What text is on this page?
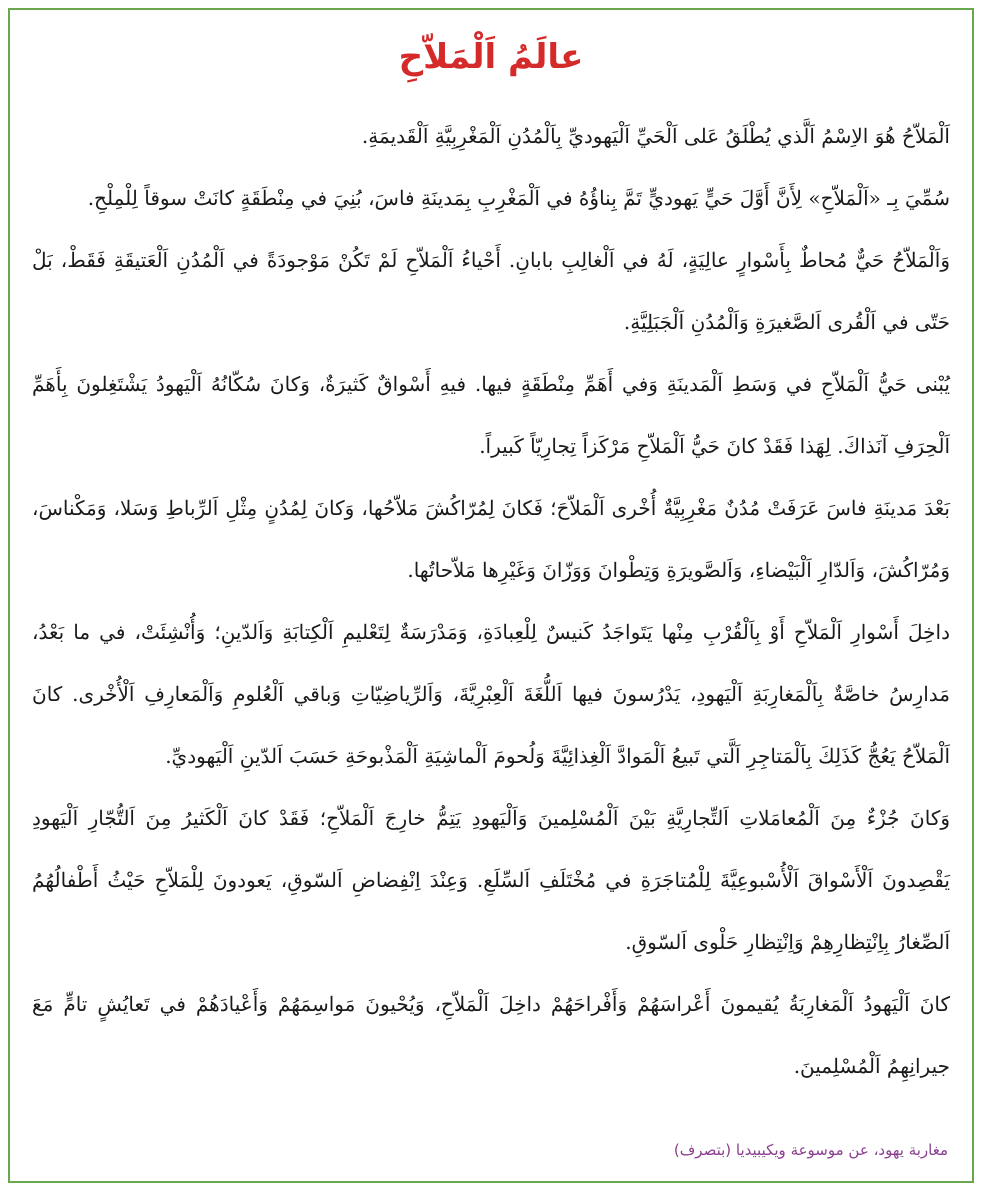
عالَمُ اَلْمَلاّحِ

اَلْمَلاّحُ هُوَ الاِسْمُ اَلَّذي يُطْلَقُ عَلى اَلْحَيِّ اَلْيَهوديِّ بِاَلْمُدُنِ اَلْمَغْرِبِيَّةِ اَلْقَديمَةِ.

سُمِّيَ بِـ «اَلْمَلاّحِ» لِأَنَّ أَوَّلَ حَيٍّ يَهوديٍّ تَمَّ بِناؤُهُ في اَلْمَغْرِبِ بِمَدينَةِ فاسَ، بُنِيَ في مِنْطَقَةٍ كانَتْ سوقاً لِلْمِلْحِ.

وَاَلْمَلاّحُ حَيٌّ مُحاطٌ بِأَسْوارٍ عالِيَةٍ، لَهُ في اَلْغالِبِ بابانِ. أَحْياءُ اَلْمَلاّحِ لَمْ تَكُنْ مَوْجودَةً في اَلْمُدُنِ اَلْعَتيقَةِ فَقَطْ، بَلْ حَتّى في اَلْقُرى اَلصَّغيرَةِ وَاَلْمُدُنِ اَلْجَبَلِيَّةِ.

يُبْنى حَيُّ اَلْمَلاّحِ في وَسَطِ اَلْمَدينَةِ وَفي أَهَمِّ مِنْطَقَةٍ فيها. فيهِ أَسْواقٌ كَثيرَةٌ، وَكانَ سُكّانُهُ اَلْيَهودُ يَشْتَغِلونَ بِأَهَمِّ اَلْحِرَفِ آنَذاكَ. لِهَذا فَقَدْ كانَ حَيُّ اَلْمَلاّحِ مَرْكَزاً تِجارِيّاً كَبيراً.

بَعْدَ مَدينَةِ فاسَ عَرَفَتْ مُدُنٌ مَغْرِبِيَّةٌ أُخْرى اَلْمَلاّحَ؛ فَكانَ لِمُرّاكُشَ مَلاّحُها، وَكانَ لِمُدُنٍ مِثْلِ اَلرِّباطِ وَسَلا، وَمَكْناسَ، وَمُرّاكُشَ، وَاَلدّارِ اَلْبَيْضاءِ، وَاَلصَّويرَةِ وَتِطْوانَ وَوَزّانَ وَغَيْرِها مَلاّحاتُها.

داخِلَ أَسْوارِ اَلْمَلاّحِ أَوْ بِاَلْقُرْبِ مِنْها يَتَواجَدُ كَنيسٌ لِلْعِبادَةِ، وَمَدْرَسَةٌ لِتَعْليمِ اَلْكِتابَةِ وَاَلدّينِ؛ وَأُنْشِئَتْ، في ما بَعْدُ، مَدارِسُ خاصَّةٌ بِاَلْمَغارِبَةِ اَلْيَهودِ، يَدْرُسونَ فيها اَللُّغَةَ اَلْعِبْرِيَّةَ، وَاَلرِّياضِيّاتِ وَباقي اَلْعُلومِ وَاَلْمَعارِفِ اَلْأُخْرى. كانَ اَلْمَلاّحُ يَعُجُّ كَذَلِكَ بِاَلْمَتاجِرِ اَلَّتي تَبيعُ اَلْمَوادَّ اَلْغِذائِيَّةَ وَلُحومَ اَلْماشِيَةِ اَلْمَذْبوحَةِ حَسَبَ اَلدّينِ اَلْيَهوديِّ.

وَكانَ جُزْءٌ مِنَ اَلْمُعامَلاتِ اَلتِّجارِيَّةِ بَيْنَ اَلْمُسْلِمينَ وَاَلْيَهودِ يَتِمُّ خارِجَ اَلْمَلاّحِ؛ فَقَدْ كانَ اَلْكَثيرُ مِنَ اَلتُّجّارِ اَلْيَهودِ يَقْصِدونَ اَلْأَسْواقَ اَلْأُسْبوعِيَّةَ لِلْمُتاجَرَةِ في مُخْتَلَفِ اَلسِّلَعِ. وَعِنْدَ اِنْفِضاضِ اَلسّوقِ، يَعودونَ لِلْمَلاّحِ حَيْثُ أَطْفالُهُمُ اَلصِّغارُ بِاِنْتِظارِهِمْ وَاِنْتِظارِ حَلْوى اَلسّوقِ.

كانَ اَلْيَهودُ اَلْمَغارِبَةُ يُقيمونَ أَعْراسَهُمْ وَأَفْراحَهُمْ داخِلَ اَلْمَلاّحِ، وَيُحْيونَ مَواسِمَهُمْ وَأَعْيادَهُمْ في تَعايُشٍ تامٍّ مَعَ جيرانِهِمُ اَلْمُسْلِمينَ.

مغاربة يهود، عن موسوعة ويكيبيديا (بتصرف)
